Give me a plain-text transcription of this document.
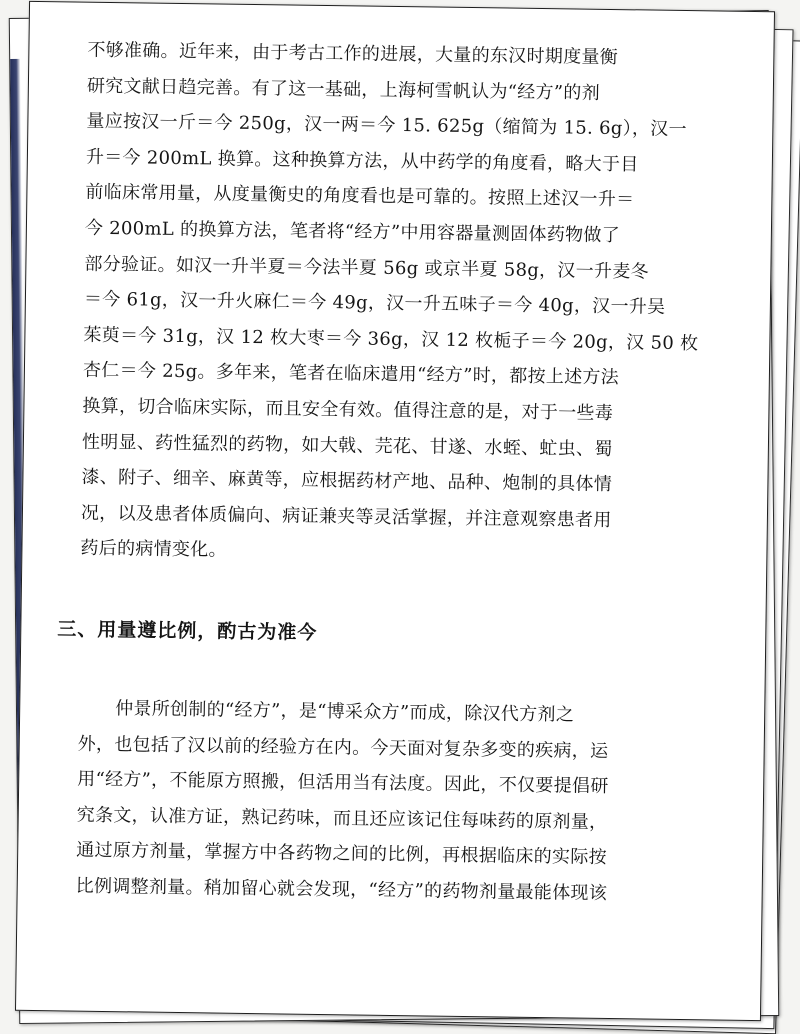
不够准确。近年来，由于考古工作的进展，大量的东汉时期度量衡
研究文献日趋完善。有了这一基础，上海柯雪帆认为“经方”的剂
量应按汉一斤＝今 250g，汉一两＝今 15. 625g（缩简为 15. 6g），汉一
升＝今 200mL 换算。这种换算方法，从中药学的角度看，略大于目
前临床常用量，从度量衡史的角度看也是可靠的。按照上述汉一升＝
今 200mL 的换算方法，笔者将“经方”中用容器量测固体药物做了
部分验证。如汉一升半夏＝今法半夏 56g 或京半夏 58g，汉一升麦冬
＝今 61g，汉一升火麻仁＝今 49g，汉一升五味子＝今 40g，汉一升吴
茱萸＝今 31g，汉 12 枚大枣＝今 36g，汉 12 枚栀子＝今 20g，汉 50 枚
杏仁＝今 25g。多年来，笔者在临床遣用“经方”时，都按上述方法
换算，切合临床实际，而且安全有效。值得注意的是，对于一些毒
性明显、药性猛烈的药物，如大戟、芫花、甘遂、水蛭、虻虫、蜀
漆、附子、细辛、麻黄等，应根据药材产地、品种、炮制的具体情
况，以及患者体质偏向、病证兼夹等灵活掌握，并注意观察患者用
药后的病情变化。

三、用量遵比例，酌古为准今

仲景所创制的“经方”，是“博采众方”而成，除汉代方剂之
外，也包括了汉以前的经验方在内。今天面对复杂多变的疾病，运
用“经方”，不能原方照搬，但活用当有法度。因此，不仅要提倡研
究条文，认准方证，熟记药味，而且还应该记住每味药的原剂量，
通过原方剂量，掌握方中各药物之间的比例，再根据临床的实际按
比例调整剂量。稍加留心就会发现，“经方”的药物剂量最能体现该
